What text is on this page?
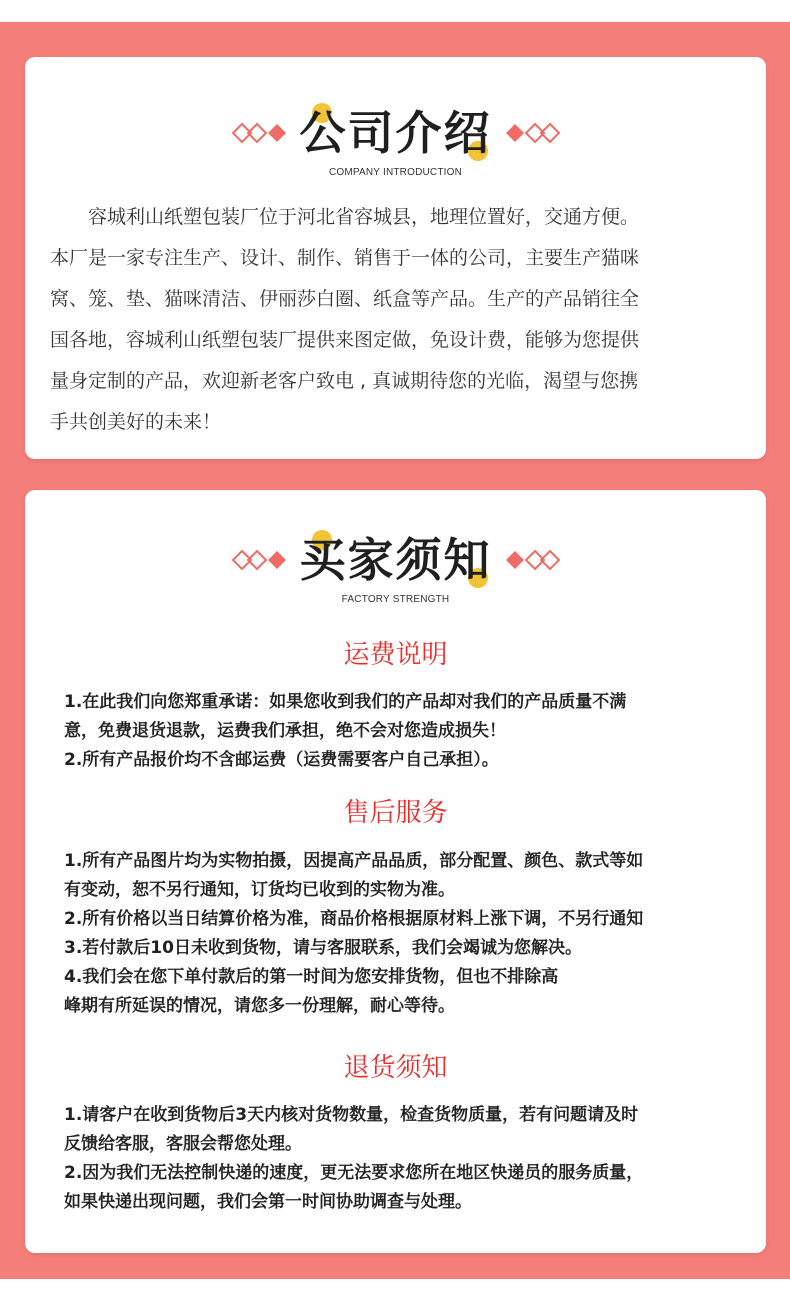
公司介绍
COMPANY INTRODUCTION
容城利山纸塑包装厂位于河北省容城县，地理位置好，交通方便。
本厂是一家专注生产、设计、制作、销售于一体的公司，主要生产猫咪
窝、笼、垫、猫咪清洁、伊丽莎白圈、纸盒等产品。生产的产品销往全
国各地，容城利山纸塑包装厂提供来图定做，免设计费，能够为您提供
量身定制的产品，欢迎新老客户致电 , 真诚期待您的光临，渴望与您携
手共创美好的未来！
买家须知
FACTORY STRENGTH
运费说明

1.在此我们向您郑重承诺：如果您收到我们的产品却对我们的产品质量不满

意，免费退货退款，运费我们承担，绝不会对您造成损失！

2.所有产品报价均不含邮运费（运费需要客户自己承担）。

售后服务

1.所有产品图片均为实物拍摄，因提高产品品质，部分配置、颜色、款式等如

有变动，恕不另行通知，订货均已收到的实物为准。

2.所有价格以当日结算价格为准，商品价格根据原材料上涨下调，不另行通知

3.若付款后10日未收到货物，请与客服联系，我们会竭诚为您解决。

4.我们会在您下单付款后的第一时间为您安排货物，但也不排除高

峰期有所延误的情况，请您多一份理解，耐心等待。

退货须知

1.请客户在收到货物后3天内核对货物数量，检查货物质量，若有问题请及时

反馈给客服，客服会帮您处理。

2.因为我们无法控制快递的速度，更无法要求您所在地区快递员的服务质量，

如果快递出现问题，我们会第一时间协助调查与处理。
